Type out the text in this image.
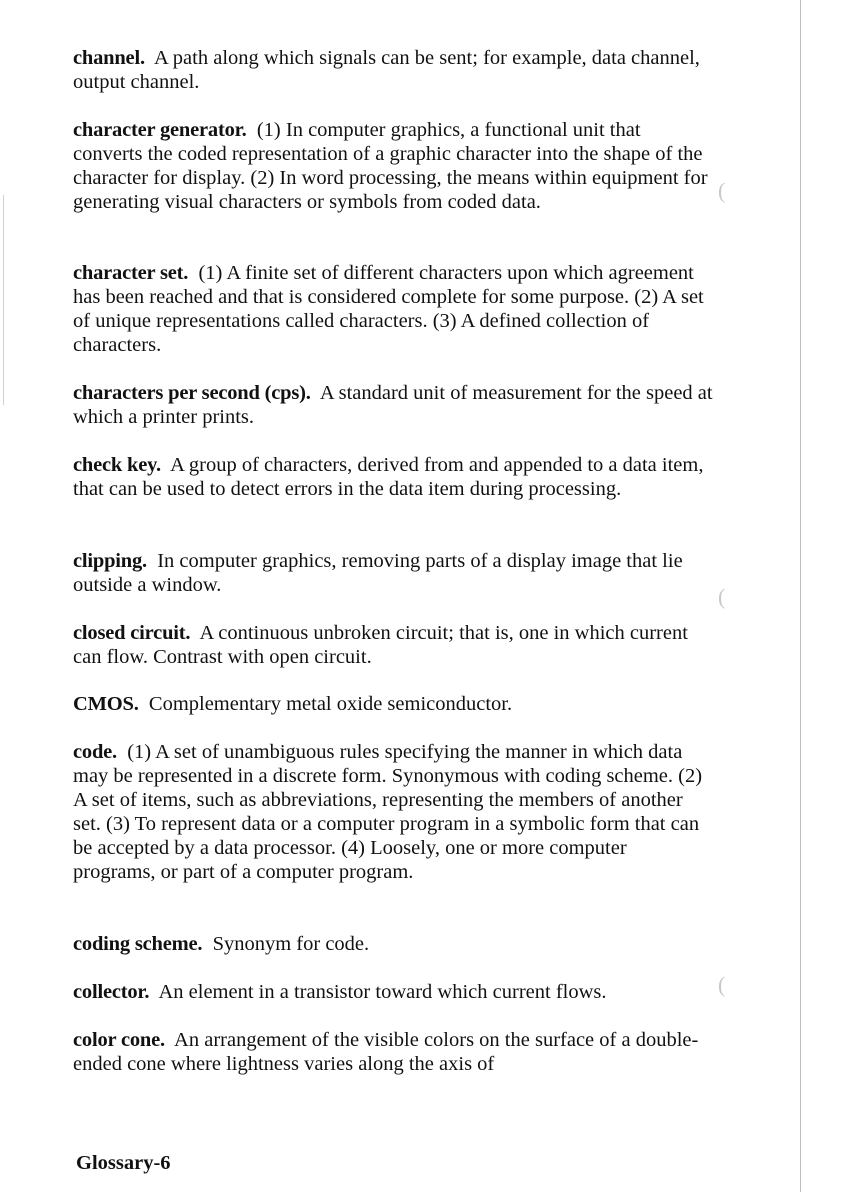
(
(
(

channel. A path along which signals can be sent; for example, data channel, output channel.

character generator. (1) In computer graphics, a functional unit that converts the coded representation of a graphic character into the shape of the character for display. (2) In word processing, the means within equipment for generating visual characters or symbols from coded data.

character set. (1) A finite set of different characters upon which agreement has been reached and that is considered complete for some purpose. (2) A set of unique representations called characters. (3) A defined collection of characters.

characters per second (cps). A standard unit of measurement for the speed at which a printer prints.

check key. A group of characters, derived from and appended to a data item, that can be used to detect errors in the data item during processing.

clipping. In computer graphics, removing parts of a display image that lie outside a window.

closed circuit. A continuous unbroken circuit; that is, one in which current can flow. Contrast with open circuit.

CMOS. Complementary metal oxide semiconductor.

code. (1) A set of unambiguous rules specifying the manner in which data may be represented in a discrete form. Synonymous with coding scheme. (2) A set of items, such as abbreviations, representing the members of another set. (3) To represent data or a computer program in a symbolic form that can be accepted by a data processor. (4) Loosely, one or more computer programs, or part of a computer program.

coding scheme. Synonym for code.

collector. An element in a transistor toward which current flows.

color cone. An arrangement of the visible colors on the surface of a double-ended cone where lightness varies along the axis of

Glossary-6
